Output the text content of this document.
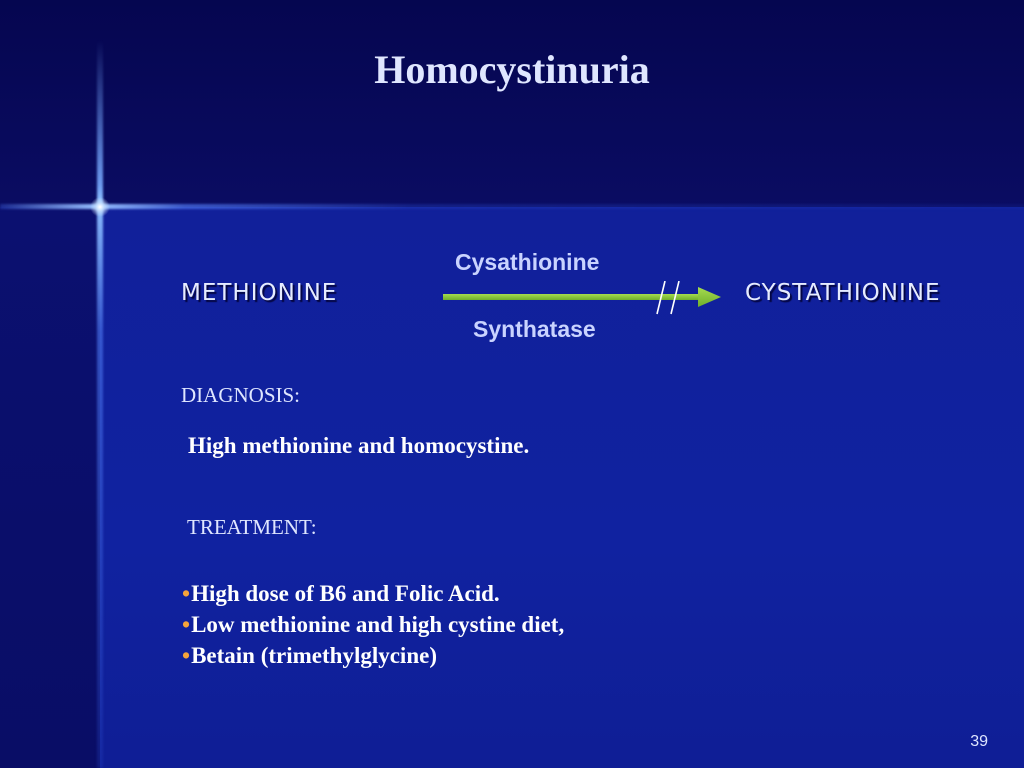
Homocystinuria
Cysathionine
METHIONINE	CYSTATHIONINE
Synthatase
DIAGNOSIS:
High methionine and homocystine.
TREATMENT:
•High dose of B6 and Folic Acid.
•Low methionine and high cystine diet,
•Betain (trimethylglycine)
39
